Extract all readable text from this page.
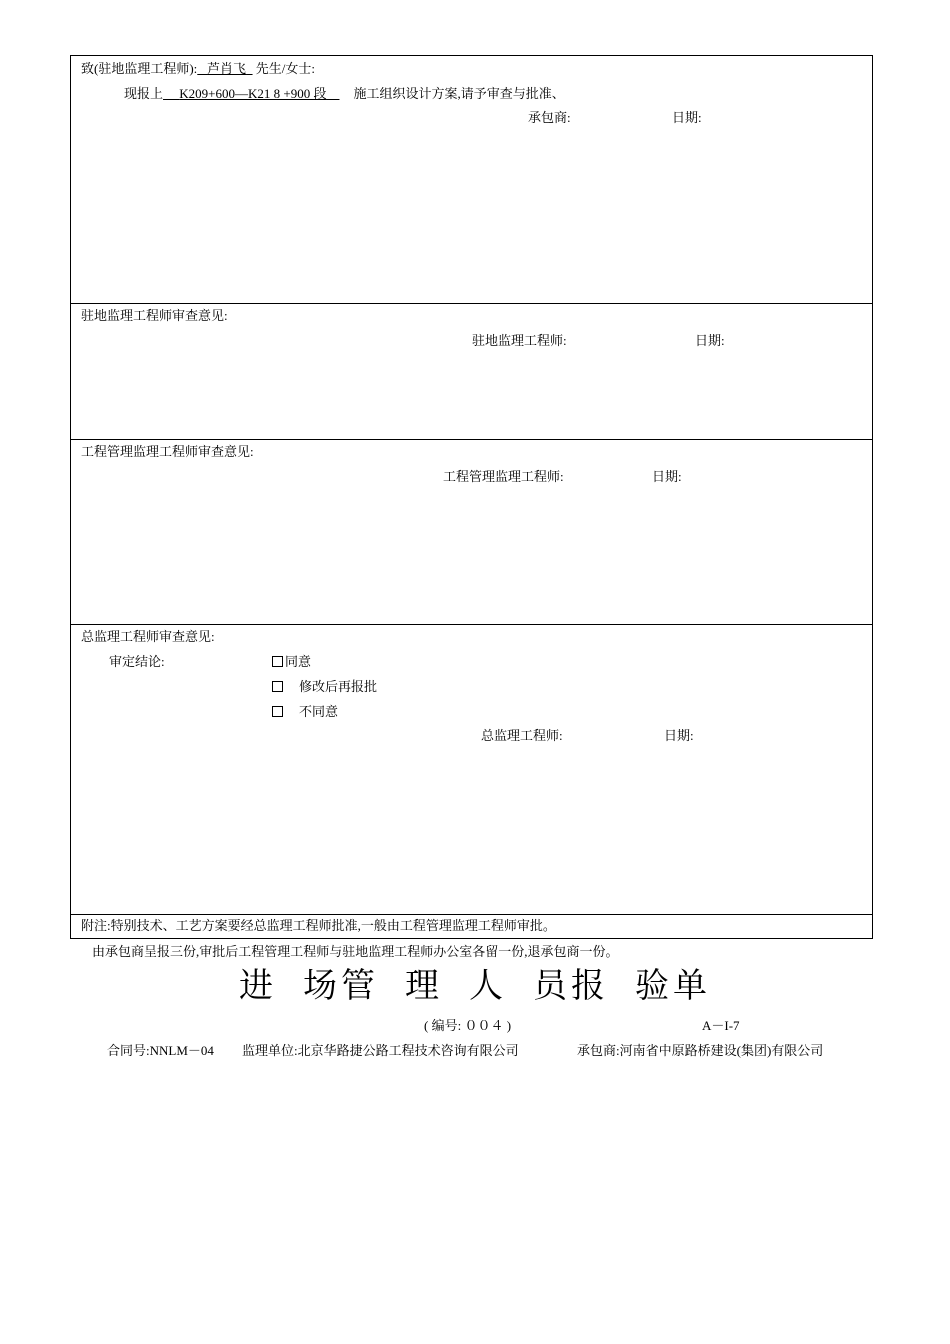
致(驻地监理工程师): 芦肖飞 先生/女士:
现报上 K209+600—K21 8 +900 段 施工组织设计方案,请予审查与批准、
承包商:	日期:
驻地监理工程师审查意见:
驻地监理工程师:	日期:
工程管理监理工程师审查意见:
工程管理监理工程师:	日期:
总监理工程师审查意见:
审定结论:	同意
修改后再报批
不同意
总监理工程师:	日期:
附注:特别技术、工艺方案要经总监理工程师批准,一般由工程管理监理工程师审批。
由承包商呈报三份,审批后工程管理工程师与驻地监理工程师办公室各留一份,退承包商一份。
进 场管 理 人 员报 验单
( 编号: ００４ )	A－I-7
合同号:NNLM－04 监理单位:北京华路捷公路工程技术咨询有限公司	承包商:河南省中原路桥建设(集团)有限公司
